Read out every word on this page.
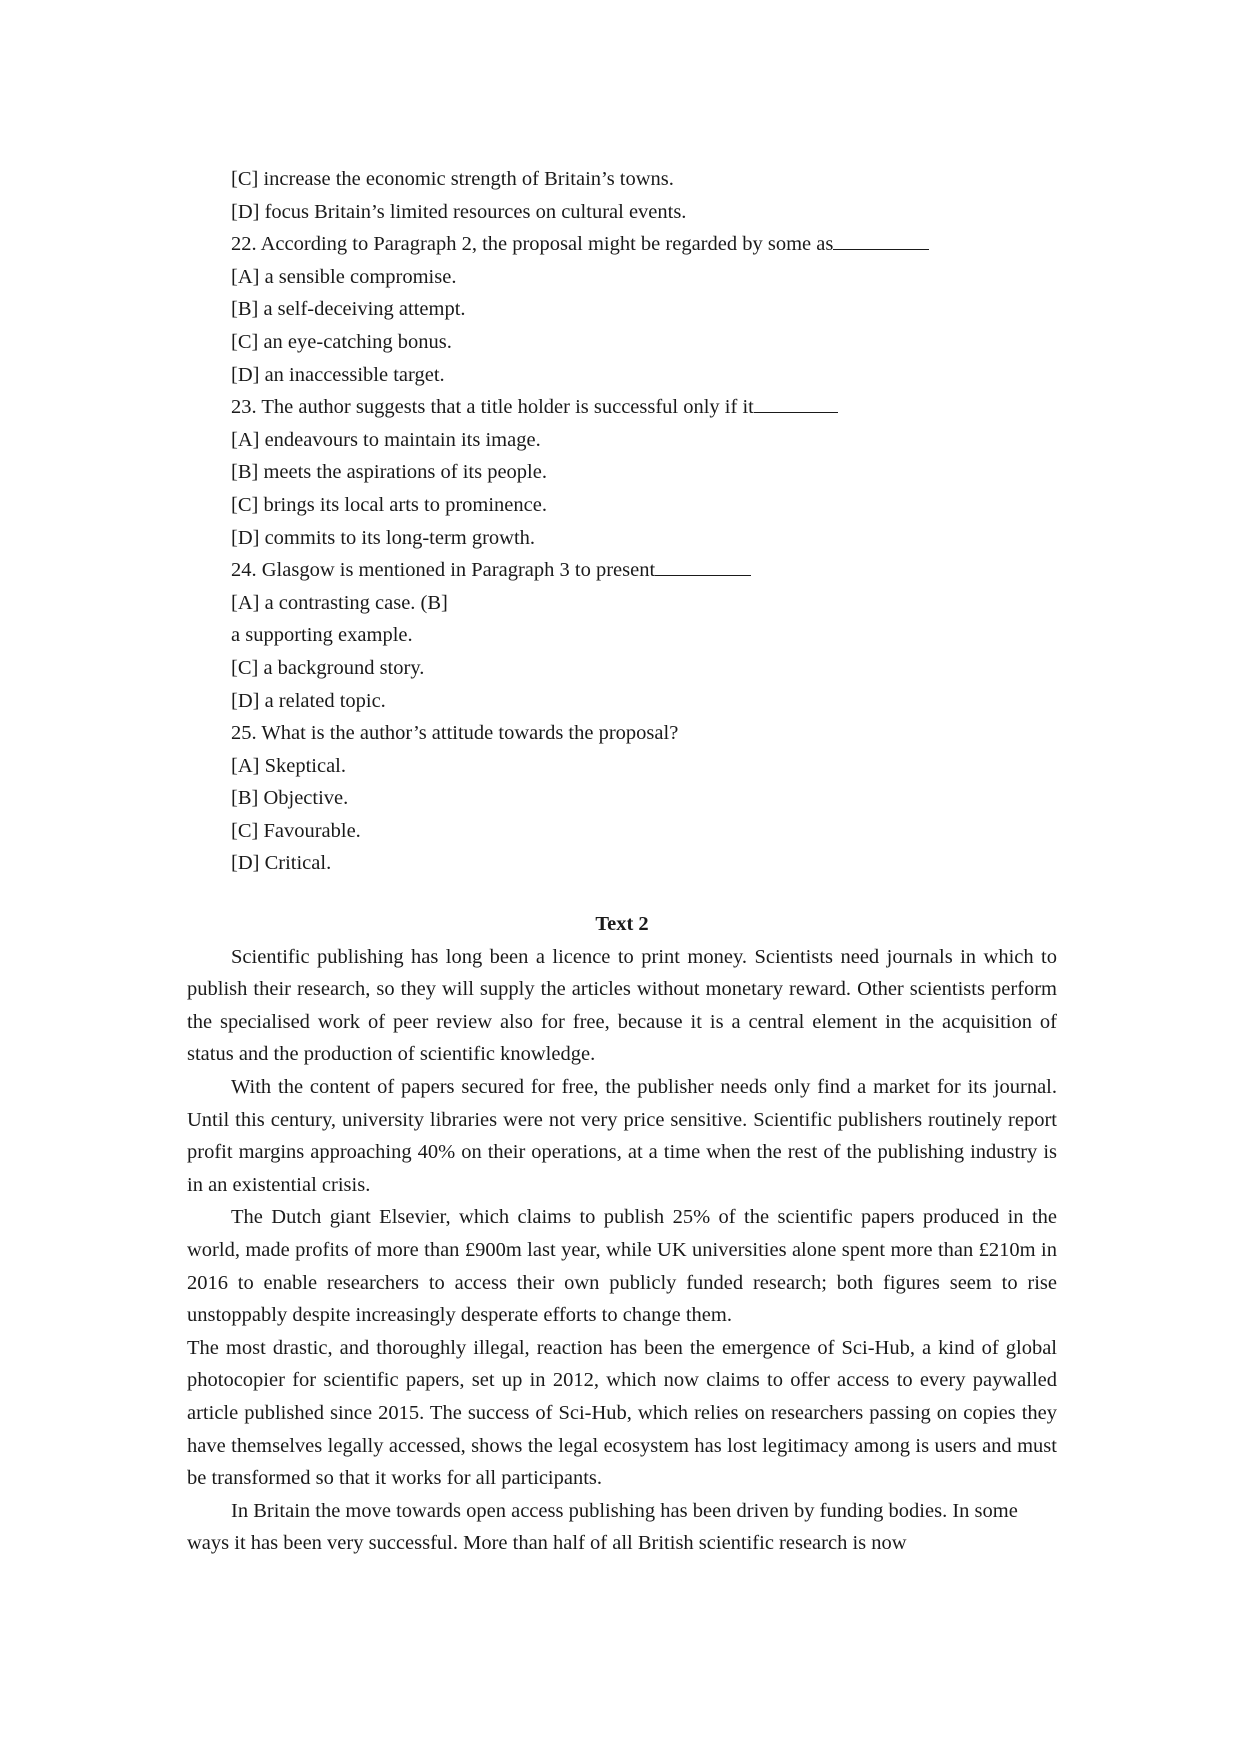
[C] increase the economic strength of Britain’s towns.

[D] focus Britain’s limited resources on cultural events.

22. According to Paragraph 2, the proposal might be regarded by some as

[A] a sensible compromise.

[B] a self-deceiving attempt.

[C] an eye-catching bonus.

[D] an inaccessible target.

23. The author suggests that a title holder is successful only if it

[A] endeavours to maintain its image.

[B] meets the aspirations of its people.

[C] brings its local arts to prominence.

[D] commits to its long-term growth.

24. Glasgow is mentioned in Paragraph 3 to present

[A] a contrasting case. (B]

a supporting example.

[C] a background story.

[D] a related topic.

25. What is the author’s attitude towards the proposal?

[A] Skeptical.

[B] Objective.

[C] Favourable.

[D] Critical.

Text 2

Scientific publishing has long been a licence to print money. Scientists need journals in which to publish their research, so they will supply the articles without monetary reward. Other scientists perform the specialised work of peer review also for free, because it is a central element in the acquisition of status and the production of scientific knowledge.

With the content of papers secured for free, the publisher needs only find a market for its journal. Until this century, university libraries were not very price sensitive. Scientific publishers routinely report profit margins approaching 40% on their operations, at a time when the rest of the publishing industry is in an existential crisis.

The Dutch giant Elsevier, which claims to publish 25% of the scientific papers produced in the world, made profits of more than £900m last year, while UK universities alone spent more than £210m in 2016 to enable researchers to access their own publicly funded research; both figures seem to rise unstoppably despite increasingly desperate efforts to change them.

The most drastic, and thoroughly illegal, reaction has been the emergence of Sci-Hub, a kind of global photocopier for scientific papers, set up in 2012, which now claims to offer access to every paywalled article published since 2015. The success of Sci-Hub, which relies on researchers passing on copies they have themselves legally accessed, shows the legal ecosystem has lost legitimacy among is users and must be transformed so that it works for all participants.

In Britain the move towards open access publishing has been driven by funding bodies. In some ways it has been very successful. More than half of all British scientific research is now
